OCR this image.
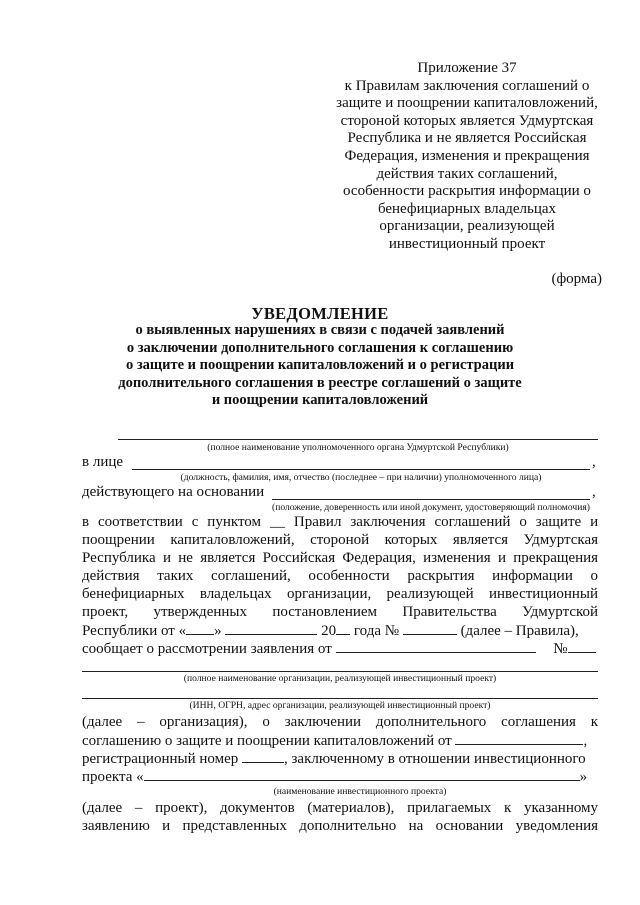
Приложение 37
к Правилам заключения соглашений о
защите и поощрении капиталовложений,
стороной которых является Удмуртская
Республика и не является Российская
Федерация, изменения и прекращения
действия таких соглашений,
особенности раскрытия информации о
бенефициарных владельцах
организации, реализующей
инвестиционный проект
(форма)
УВЕДОМЛЕНИЕ
о выявленных нарушениях в связи с подачей заявлений
о заключении дополнительного соглашения к соглашению
о защите и поощрении капиталовложений и о регистрации
дополнительного соглашения в реестре соглашений о защите
и поощрении капиталовложений
(полное наименование уполномоченного органа Удмуртской Республики)
в лице	,
(должность, фамилия, имя, отчество (последнее – при наличии) уполномоченного лица)
действующего на основании	,
(положение, доверенность или иной документ, удостоверяющий полномочия)
в соответствии с пунктом __ Правил заключения соглашений о защите и
поощрении капиталовложений, стороной которых является Удмуртская
Республика и не является Российская Федерация, изменения и прекращения
действия таких соглашений, особенности раскрытия информации о
бенефициарных владельцах организации, реализующей инвестиционный
проект, утвержденных постановлением Правительства Удмуртской
Республики от « »	20 года №	(далее – Правила),
сообщает о рассмотрении заявления от	№
(полное наименование организации, реализующей инвестиционный проект)
(ИНН, ОГРН, адрес организации, реализующей инвестиционный проект)
(далее – организация), о заключении дополнительного соглашения к
соглашению о защите и поощрении капиталовложений от	,
регистрационный номер	, заключенному в отношении инвестиционного
проекта «	»
(наименование инвестиционного проекта)
(далее – проект), документов (материалов), прилагаемых к указанному
заявлению и представленных дополнительно на основании уведомления
